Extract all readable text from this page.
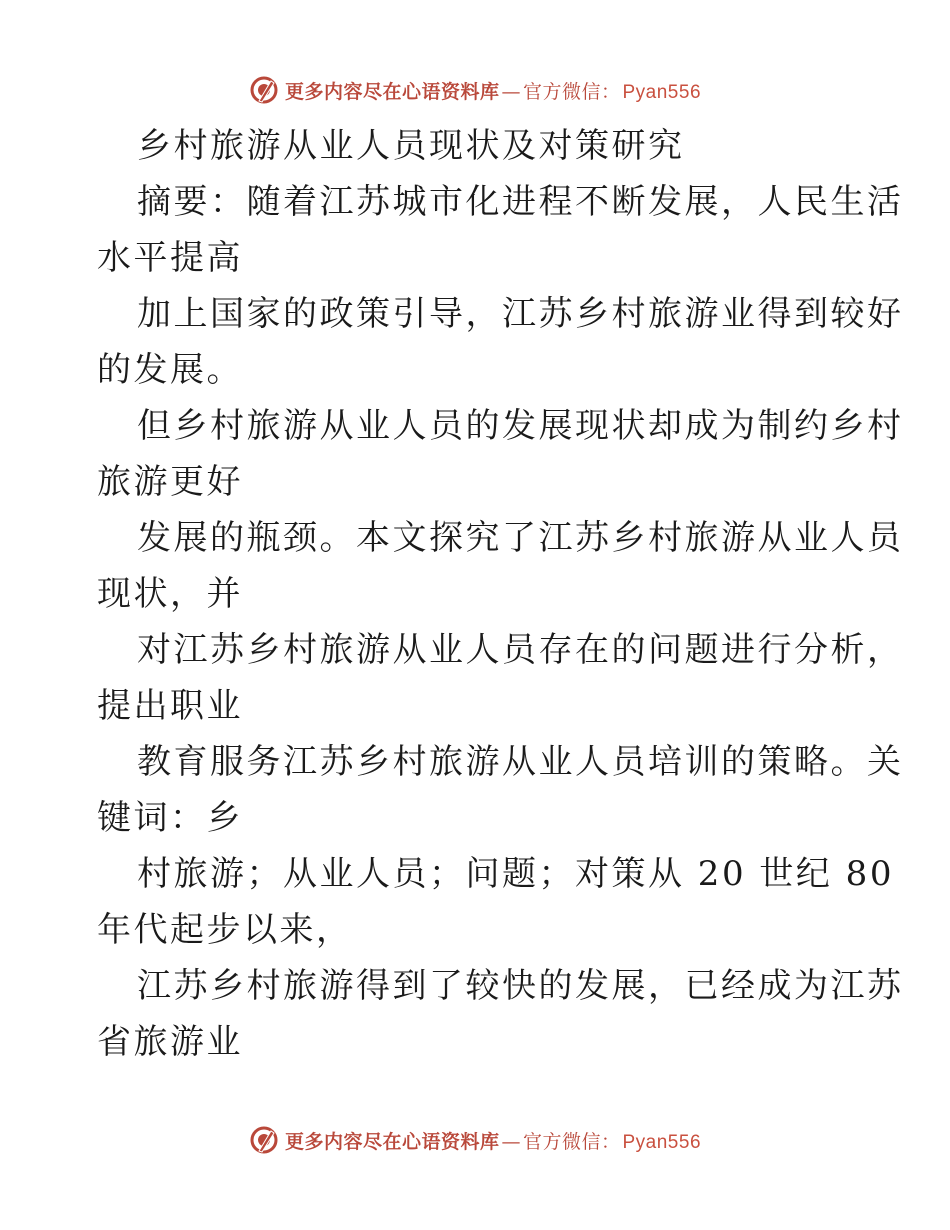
更多内容尽在心语资料库 — 官方微信： Pyan556
乡村旅游从业人员现状及对策研究
摘要：随着江苏城市化进程不断发展，人民生活
水平提高
加上国家的政策引导，江苏乡村旅游业得到较好
的发展。
但乡村旅游从业人员的发展现状却成为制约乡村
旅游更好
发展的瓶颈。本文探究了江苏乡村旅游从业人员
现状，并
对江苏乡村旅游从业人员存在的问题进行分析，
提出职业
教育服务江苏乡村旅游从业人员培训的策略。关
键词：乡
村旅游；从业人员；问题；对策从 20 世纪 80
年代起步以来，
江苏乡村旅游得到了较快的发展，已经成为江苏
省旅游业
更多内容尽在心语资料库 — 官方微信： Pyan556
